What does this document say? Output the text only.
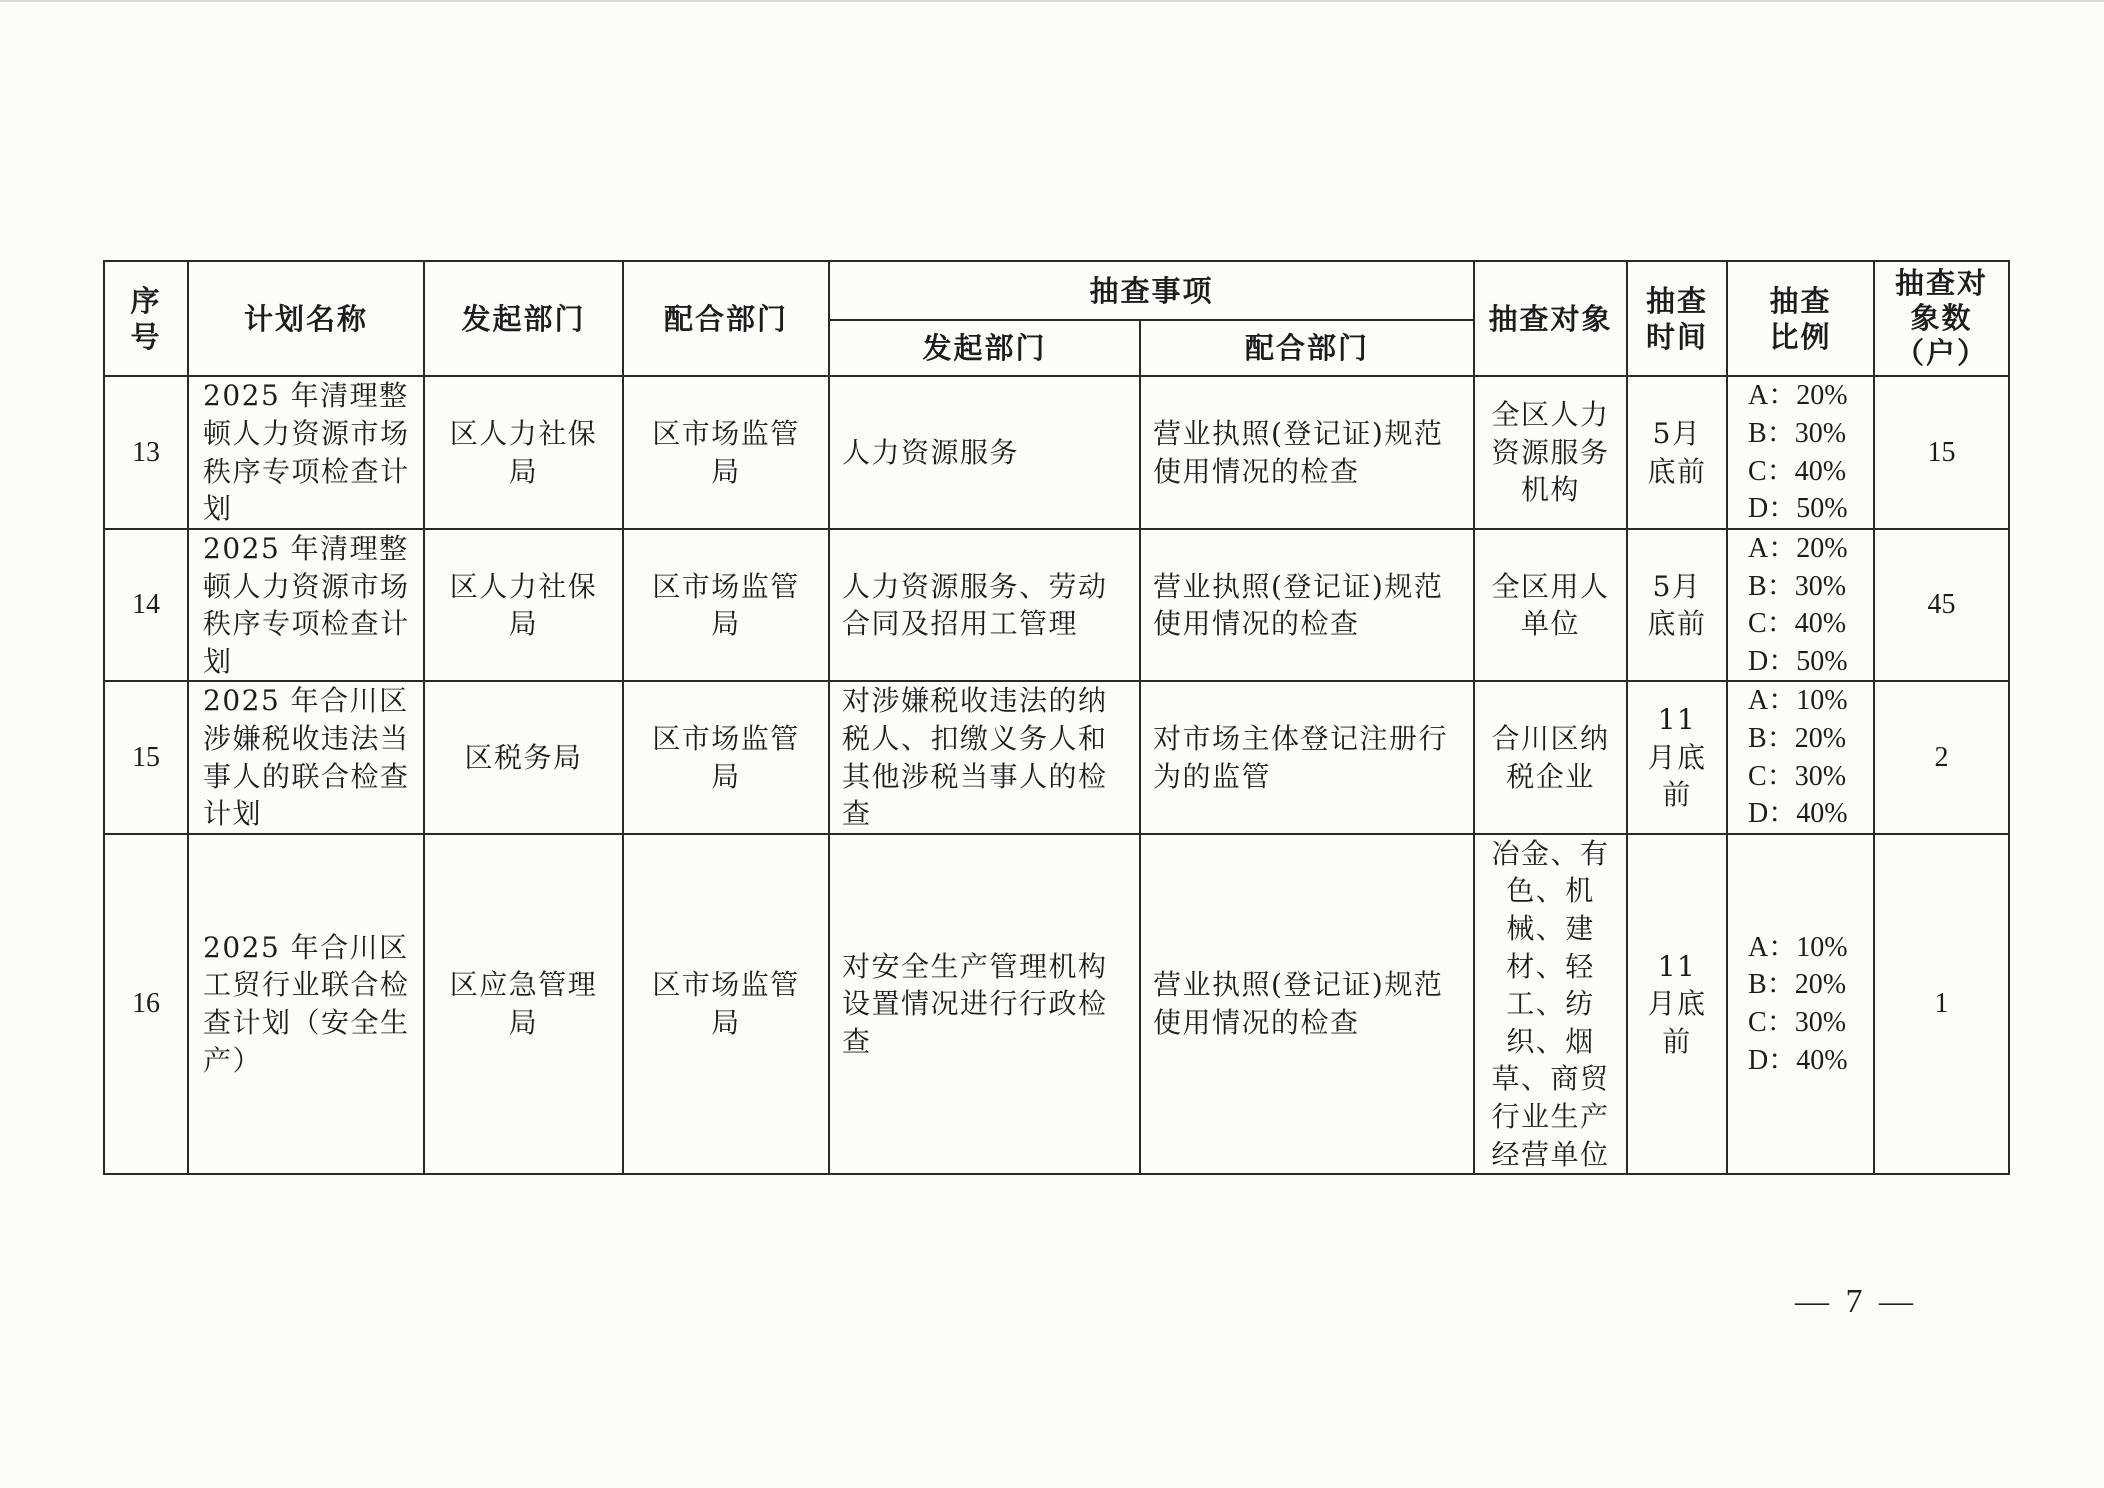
序号	计划名称	发起部门	配合部门	抽查事项		抽查对象	抽查时间	抽查比例	抽查对象数（户）

				发起部门	配合部门				
13	2025 年清理整顿人力资源市场秩序专项检查计划	区人力社保局	区市场监管局	人力资源服务	营业执照(登记证)规范使用情况的检查	全区人力资源服务机构	5月底前	A：20%
B：30%
C：40%
D：50%	15
14	2025 年清理整顿人力资源市场秩序专项检查计划	区人力社保局	区市场监管局	人力资源服务、劳动合同及招用工管理	营业执照(登记证)规范使用情况的检查	全区用人单位	5月底前	A：20%
B：30%
C：40%
D：50%	45
15	2025 年合川区涉嫌税收违法当事人的联合检查计划	区税务局	区市场监管局	对涉嫌税收违法的纳税人、扣缴义务人和其他涉税当事人的检查	对市场主体登记注册行为的监管	合川区纳税企业	11月底前	A：10%
B：20%
C：30%
D：40%	2
16	2025 年合川区工贸行业联合检查计划（安全生产）	区应急管理局	区市场监管局	对安全生产管理机构设置情况进行行政检查	营业执照(登记证)规范使用情况的检查	冶金、有色、机械、建材、轻工、纺织、烟草、商贸行业生产经营单位	11月底前	A：10%
B：20%
C：30%
D：40%	1
— 7 —
